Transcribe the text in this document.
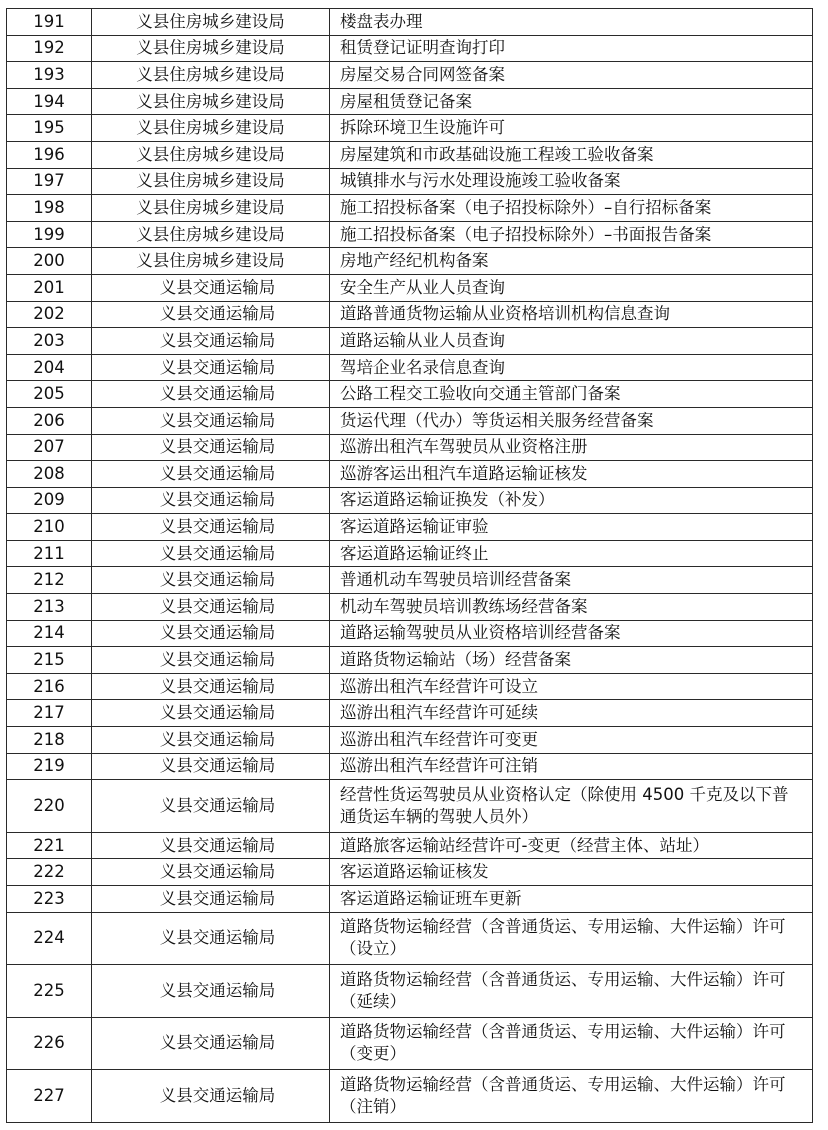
191	义县住房城乡建设局	楼盘表办理
192	义县住房城乡建设局	租赁登记证明查询打印
193	义县住房城乡建设局	房屋交易合同网签备案
194	义县住房城乡建设局	房屋租赁登记备案
195	义县住房城乡建设局	拆除环境卫生设施许可
196	义县住房城乡建设局	房屋建筑和市政基础设施工程竣工验收备案
197	义县住房城乡建设局	城镇排水与污水处理设施竣工验收备案
198	义县住房城乡建设局	施工招投标备案（电子招投标除外）–自行招标备案
199	义县住房城乡建设局	施工招投标备案（电子招投标除外）–书面报告备案
200	义县住房城乡建设局	房地产经纪机构备案
201	义县交通运输局	安全生产从业人员查询
202	义县交通运输局	道路普通货物运输从业资格培训机构信息查询
203	义县交通运输局	道路运输从业人员查询
204	义县交通运输局	驾培企业名录信息查询
205	义县交通运输局	公路工程交工验收向交通主管部门备案
206	义县交通运输局	货运代理（代办）等货运相关服务经营备案
207	义县交通运输局	巡游出租汽车驾驶员从业资格注册
208	义县交通运输局	巡游客运出租汽车道路运输证核发
209	义县交通运输局	客运道路运输证换发（补发）
210	义县交通运输局	客运道路运输证审验
211	义县交通运输局	客运道路运输证终止
212	义县交通运输局	普通机动车驾驶员培训经营备案
213	义县交通运输局	机动车驾驶员培训教练场经营备案
214	义县交通运输局	道路运输驾驶员从业资格培训经营备案
215	义县交通运输局	道路货物运输站（场）经营备案
216	义县交通运输局	巡游出租汽车经营许可设立
217	义县交通运输局	巡游出租汽车经营许可延续
218	义县交通运输局	巡游出租汽车经营许可变更
219	义县交通运输局	巡游出租汽车经营许可注销
220	义县交通运输局	经营性货运驾驶员从业资格认定（除使用 4500 千克及以下普通货运车辆的驾驶人员外）
221	义县交通运输局	道路旅客运输站经营许可-变更（经营主体、站址）
222	义县交通运输局	客运道路运输证核发
223	义县交通运输局	客运道路运输证班车更新
224	义县交通运输局	道路货物运输经营（含普通货运、专用运输、大件运输）许可（设立）
225	义县交通运输局	道路货物运输经营（含普通货运、专用运输、大件运输）许可（延续）
226	义县交通运输局	道路货物运输经营（含普通货运、专用运输、大件运输）许可（变更）
227	义县交通运输局	道路货物运输经营（含普通货运、专用运输、大件运输）许可（注销）
